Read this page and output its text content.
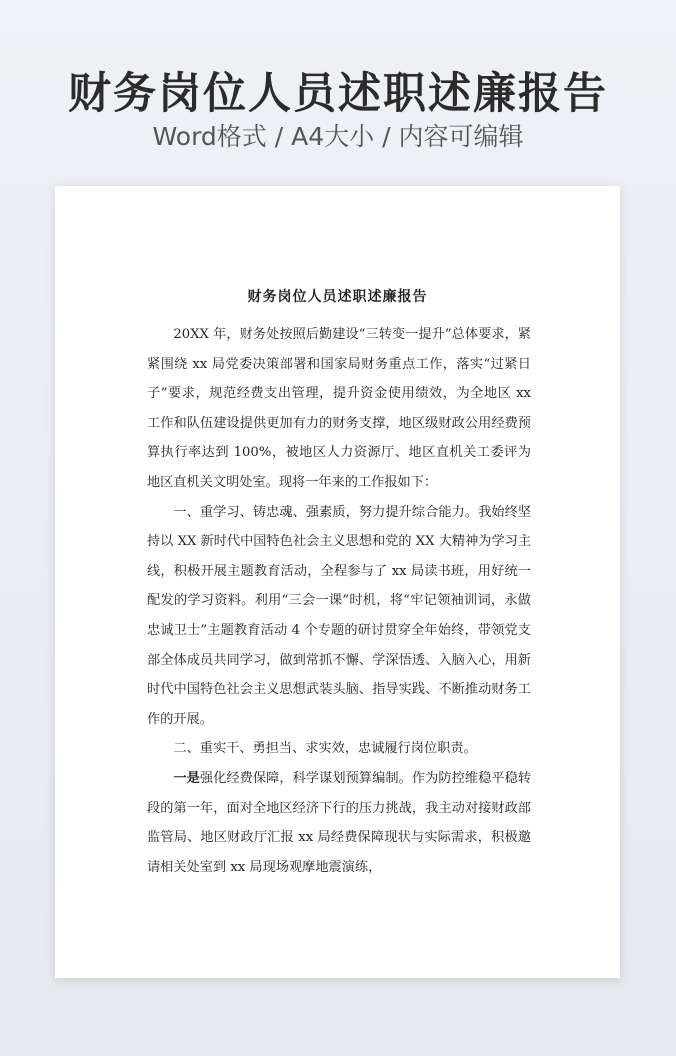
财务岗位人员述职述廉报告
Word格式 / A4大小 / 内容可编辑
财务岗位人员述职述廉报告

20XX 年，财务处按照后勤建设“三转变一提升”总体要求，紧紧围绕 xx 局党委决策部署和国家局财务重点工作，落实“过紧日子”要求，规范经费支出管理，提升资金使用绩效，为全地区 xx 工作和队伍建设提供更加有力的财务支撑，地区级财政公用经费预算执行率达到 100%，被地区人力资源厅、地区直机关工委评为地区直机关文明处室。现将一年来的工作报如下：

一、重学习、铸忠魂、强素质，努力提升综合能力。我始终坚持以 XX 新时代中国特色社会主义思想和党的 XX 大精神为学习主线，积极开展主题教育活动，全程参与了 xx 局读书班，用好统一配发的学习资料。利用“三会一课”时机，将“牢记领袖训词，永做忠诚卫士”主题教育活动 4 个专题的研讨贯穿全年始终，带领党支部全体成员共同学习，做到常抓不懈、学深悟透、入脑入心，用新时代中国特色社会主义思想武装头脑、指导实践、不断推动财务工作的开展。

二、重实干、勇担当、求实效，忠诚履行岗位职责。

一是强化经费保障，科学谋划预算编制。作为防控维稳平稳转段的第一年，面对全地区经济下行的压力挑战，我主动对接财政部监管局、地区财政厅汇报 xx 局经费保障现状与实际需求，积极邀请相关处室到 xx 局现场观摩地震演练，
